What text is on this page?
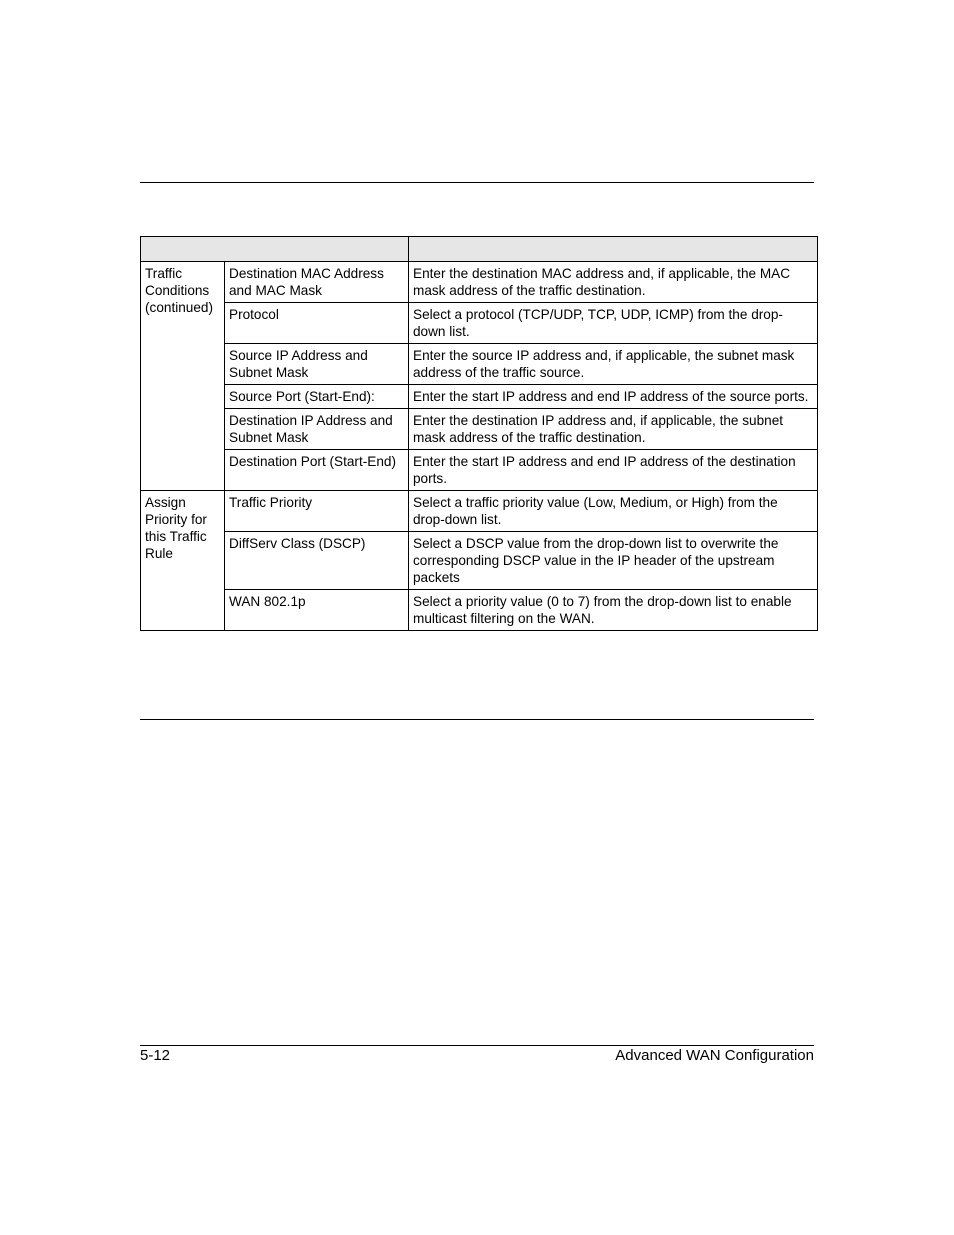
Traffic Conditions (continued)	Destination MAC Address and MAC Mask	Enter the destination MAC address and, if applicable, the MAC mask address of the traffic destination.
	Protocol	Select a protocol (TCP/UDP, TCP, UDP, ICMP) from the drop-down list.
	Source IP Address and Subnet Mask	Enter the source IP address and, if applicable, the subnet mask address of the traffic source.
	Source Port (Start-End):	Enter the start IP address and end IP address of the source ports.
	Destination IP Address and Subnet Mask	Enter the destination IP address and, if applicable, the subnet mask address of the traffic destination.
	Destination Port (Start-End)	Enter the start IP address and end IP address of the destination ports.
Assign Priority for this Traffic Rule	Traffic Priority	Select a traffic priority value (Low, Medium, or High) from the drop-down list.
	DiffServ Class (DSCP)	Select a DSCP value from the drop-down list to overwrite the corresponding DSCP value in the IP header of the upstream packets
	WAN 802.1p	Select a priority value (0 to 7) from the drop-down list to enable multicast filtering on the WAN.
5-12	Advanced WAN Configuration
